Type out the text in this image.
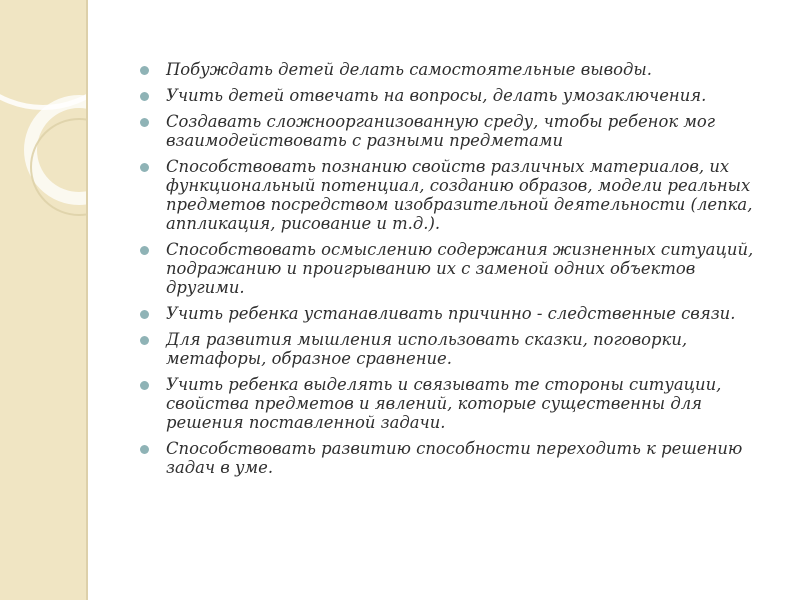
Побуждать детей делать самостоятельные выводы.
Учить детей отвечать на вопросы, делать умозаключения.
Создавать сложноорганизованную среду, чтобы ребенок мог взаимодействовать с разными предметами
Способствовать познанию свойств различных материалов, их функциональный потенциал, созданию образов, модели реальных предметов посредством изобразительной деятельности (лепка, аппликация, рисование и т.д.).
Способствовать осмыслению содержания жизненных ситуаций, подражанию и проигрыванию их с заменой одних объектов другими.
Учить ребенка устанавливать причинно - следственные связи.
Для развития мышления использовать сказки, поговорки, метафоры, образное сравнение.
Учить ребенка выделять и связывать те стороны ситуации, свойства предметов и явлений, которые существенны для решения поставленной задачи.
Способствовать развитию способности переходить к решению задач в уме.
